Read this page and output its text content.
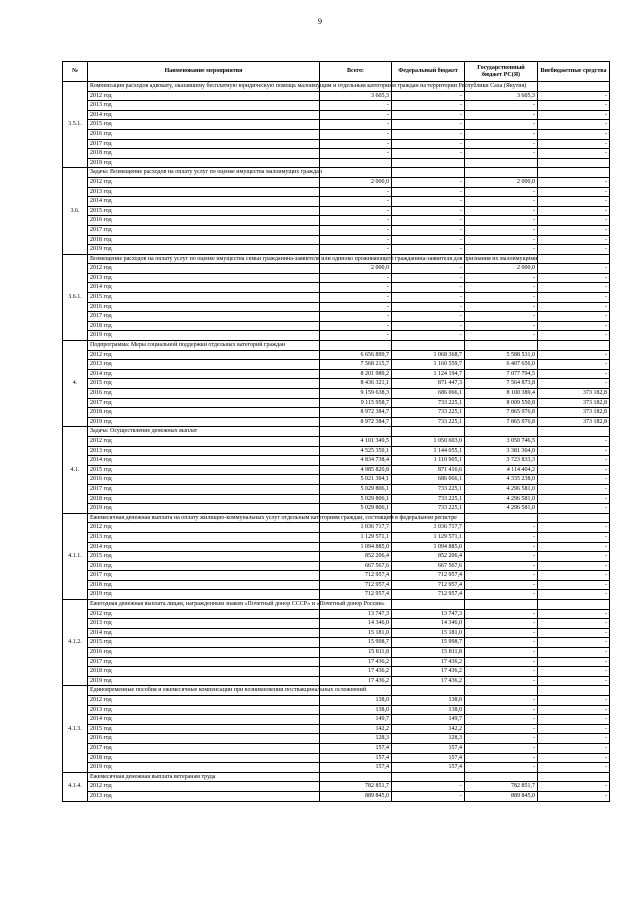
9
№	Наименование мероприятия	Всего:	Федеральный бюджет	Государственный бюджет РС(Я)	Внебюджетные средства
3.5.1.	Компенсация расходов адвокату, оказавшему бесплатную юридическую помощь малоимущим и отдельным категориям граждан на территории Республики Саха (Якутия)				
	2012 год	3 605,3	-	3 605,3	-
	2013 год	-	-	-	-
	2014 год	-	-	-	-
	2015 год	-	-	-	-
	2016 год	-	-	-	-
	2017 год	-	-	-	-
	2018 год	-	-	-	-
	2019 год				
3.6.	Задача: Возмещение расходов на оплату услуг по оценке имущества малоимущих граждан				
	2012 год	2 000,0	-	2 000,0	-
	2013 год	-	-	-	-
	2014 год	-	-	-	-
	2015 год	-	-	-	-
	2016 год	-	-	-	-
	2017 год	-	-	-	-
	2018 год	-	-	-	-
	2019 год	-	-	-	-
3.6.1.	Возмещение расходов на оплату услуг по оценке имущества семьи гражданина-заявителя или одиноко проживающего гражданина-заявителя для признания их малоимущими				
	2012 год	2 000,0	-	2 000,0	-
	2013 год	-	-	-	-
	2014 год	-	-	-	-
	2015 год	-	-	-	-
	2016 год	-	-	-	-
	2017 год	-	-	-	-
	2018 год	-	-	-	-
	2019 год	-	-	-	-
4.	Подпрограмма: Меры социальной поддержки отдельных категорий граждан				
	2012 год	6 656 899,7	1 068 368,7	5 588 531,0	-
	2013 год	7 568 215,7	1 160 559,7	6 407 656,0	-
	2014 год	8 201 989,2	1 124 194,7	7 077 794,5	-
	2015 год	8 436 321,1	871 447,3	7 564 873,8	-
	2016 год	9 159 638,3	686 066,1	8 100 389,4	373 182,8
	2017 год	9 115 958,7	733 225,1	8 009 550,8	373 182,8
	2018 год	8 972 384,7	733 225,1	7 865 976,8	373 182,8
	2019 год	8 972 384,7	733 225,1	7 865 976,8	373 182,8
4.1.	Задача: Осуществление денежных выплат				
	2012 год	4 101 349,5	1 050 603,0	3 050 746,5	-
	2013 год	4 525 359,1	1 144 055,1	3 381 304,0	-
	2014 год	4 834 738,4	1 110 905,1	3 723 833,3	-
	2015 год	4 985 820,8	871 416,6	4 114 404,2	-
	2016 год	5 021 304,1	686 066,1	4 335 238,0	-
	2017 год	5 029 806,1	733 225,1	4 296 581,0	-
	2018 год	5 029 806,1	733 225,1	4 296 581,0	-
	2019 год	5 029 806,1	733 225,1	4 296 581,0	-
4.1.1.	Ежемесячная денежная выплата на оплату жилищно-коммунальных услуг отдельным категориям граждан, состоящим в федеральном регистре				
	2012 год	1 036 717,7	1 036 717,7	-	-
	2013 год	1 129 571,1	1 129 571,1	-	-
	2014 год	1 094 885,0	1 094 885,0	-	-
	2015 год	852 206,4	852 206,4	-	-
	2016 год	667 567,6	667 567,6	-	-
	2017 год	712 957,4	712 957,4	-	-
	2018 год	712 957,4	712 957,4	-	-
	2019 год	712 957,4	712 957,4	-	-
4.1.2.	Ежегодная денежная выплата лицам, награжденным знаком «Почетный донор СССР» и «Почетный донор России»				
	2012 год	13 747,3	13 747,3	-	-
	2013 год	14 346,0	14 346,0	-	-
	2014 год	15 181,0	15 181,0	-	-
	2015 год	15 998,7	15 998,7	-	-
	2016 год	15 811,8	15 811,8	-	-
	2017 год	17 436,2	17 436,2	-	-
	2018 год	17 436,2	17 436,2	-	-
	2019 год	17 436,2	17 436,2	-	-
4.1.3.	Единовременные пособия и ежемесячные компенсации при возникновении поствакцинальных осложнений				
	2012 год	138,0	138,0	-	-
	2013 год	138,0	138,0	-	-
	2014 год	149,7	149,7	-	-
	2015 год	142,2	142,2	-	-
	2016 год	128,3	128,3	-	-
	2017 год	157,4	157,4	-	-
	2018 год	157,4	157,4	-	-
	2019 год	157,4	157,4	-	-
4.1.4.	Ежемесячная денежная выплата ветеранам труда				
	2012 год	782 851,7	-	782 851,7	-
	2013 год	889 845,0	-	889 845,0	-
